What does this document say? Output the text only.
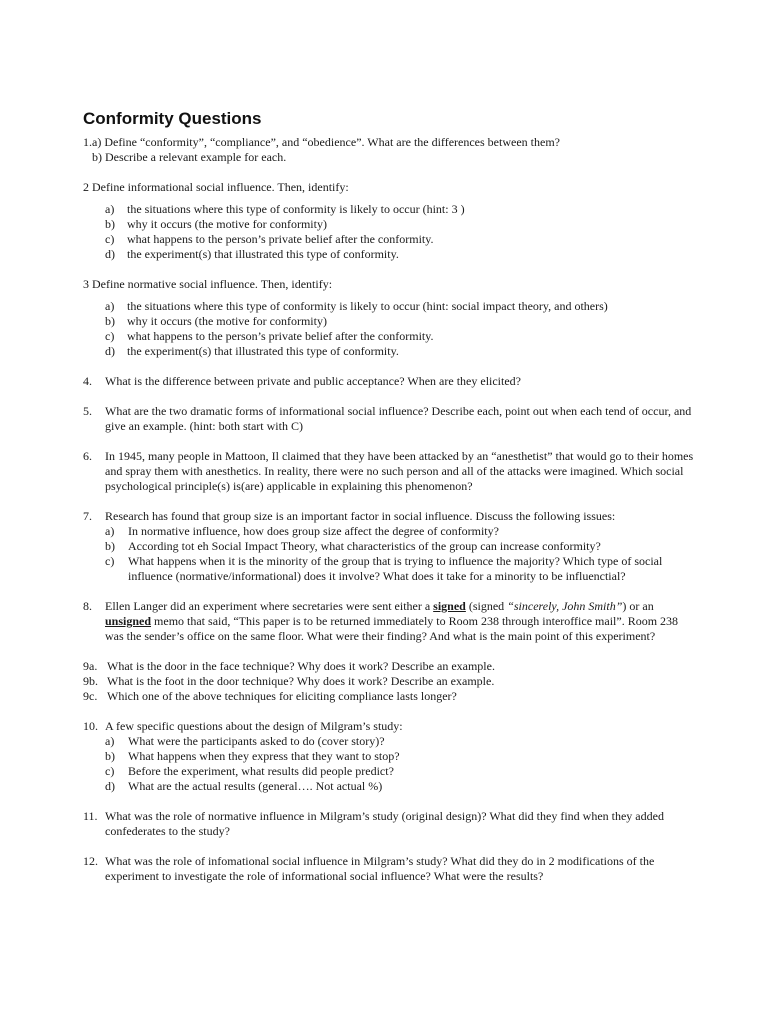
Conformity Questions

1.a) Define “conformity”, “compliance”, and “obedience”. What are the differences between them?

b) Describe a relevant example for each.

2 Define informational social influence. Then, identify:

a)	the situations where this type of conformity is likely to occur (hint: 3 )
b)	why it occurs (the motive for conformity)
c)	what happens to the person’s private belief after the conformity.
d)	the experiment(s) that illustrated this type of conformity.

3 Define normative social influence. Then, identify:

a)	the situations where this type of conformity is likely to occur (hint: social impact theory, and others)
b)	why it occurs (the motive for conformity)
c)	what happens to the person’s private belief after the conformity.
d)	the experiment(s) that illustrated this type of conformity.
4.	What is the difference between private and public acceptance? When are they elicited?
5.	What are the two dramatic forms of informational social influence? Describe each, point out when each tend of occur, and give an example. (hint: both start with C)
6.	In 1945, many people in Mattoon, Il claimed that they have been attacked by an “anesthetist” that would go to their homes and spray them with anesthetics. In reality, there were no such person and all of the attacks were imagined. Which social psychological principle(s) is(are) applicable in explaining this phenomenon?
7.	Research has found that group size is an important factor in social influence. Discuss the following issues:
a)	In normative influence, how does group size affect the degree of conformity?
b)	According tot eh Social Impact Theory, what characteristics of the group can increase conformity?
c)	What happens when it is the minority of the group that is trying to influence the majority? Which type of social influence (normative/informational) does it involve? What does it take for a minority to be influenctial?
8.	Ellen Langer did an experiment where secretaries were sent either a signed (signed “sincerely, John Smith”) or an unsigned memo that said, “This paper is to be returned immediately to Room 238 through interoffice mail”. Room 238 was the sender’s office on the same floor. What were their finding? And what is the main point of this experiment?
9a. What is the door in the face technique? Why does it work? Describe an example.
9b. What is the foot in the door technique? Why does it work? Describe an example.
9c. Which one of the above techniques for eliciting compliance lasts longer?
10. A few specific questions about the design of Milgram’s study:
a)	What were the participants asked to do (cover story)?
b)	What happens when they express that they want to stop?
c)	Before the experiment, what results did people predict?
d)	What are the actual results (general…. Not actual %)
11. What was the role of normative influence in Milgram’s study (original design)? What did they find when they added confederates to the study?
12. What was the role of infomational social influence in Milgram’s study? What did they do in 2 modifications of the experiment to investigate the role of informational social influence? What were the results?
